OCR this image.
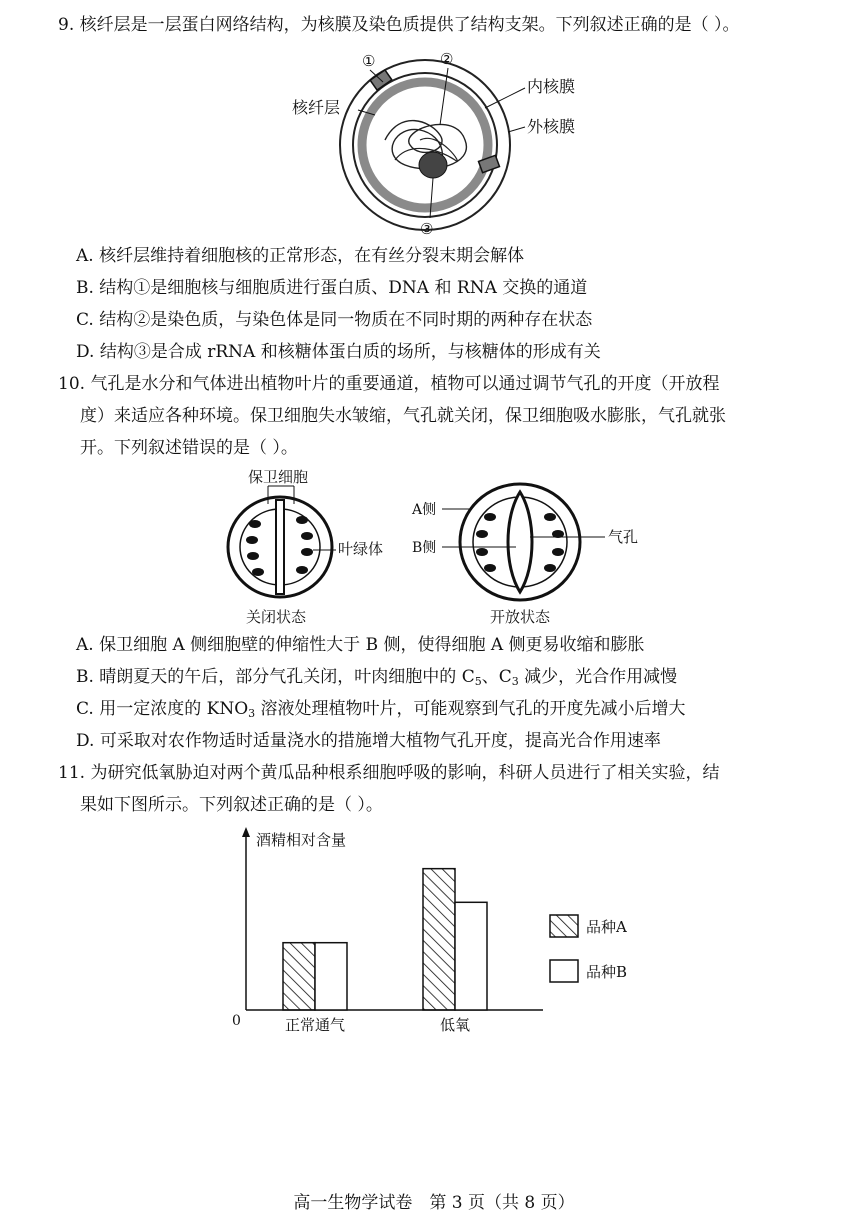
9. 核纤层是一层蛋白网络结构，为核膜及染色质提供了结构支架。下列叙述正确的是（ ）。
①	②
③
核纤层
内核膜
外核膜
A. 核纤层维持着细胞核的正常形态，在有丝分裂末期会解体
B. 结构①是细胞核与细胞质进行蛋白质、DNA 和 RNA 交换的通道
C. 结构②是染色质，与染色体是同一物质在不同时期的两种存在状态
D. 结构③是合成 rRNA 和核糖体蛋白质的场所，与核糖体的形成有关
10. 气孔是水分和气体进出植物叶片的重要通道，植物可以通过调节气孔的开度（开放程
度）来适应各种环境。保卫细胞失水皱缩，气孔就关闭，保卫细胞吸水膨胀，气孔就张
开。下列叙述错误的是（ ）。
保卫细胞
叶绿体
关闭状态
A侧
B侧
气孔
开放状态
A. 保卫细胞 A 侧细胞壁的伸缩性大于 B 侧，使得细胞 A 侧更易收缩和膨胀
B. 晴朗夏天的午后，部分气孔关闭，叶肉细胞中的 $C_5$、$C_3$ 减少，光合作用减慢
C. 用一定浓度的 $KNO_3$ 溶液处理植物叶片，可能观察到气孔的开度先减小后增大
D. 可采取对农作物适时适量浇水的措施增大植物气孔开度，提高光合作用速率
11. 为研究低氧胁迫对两个黄瓜品种根系细胞呼吸的影响，科研人员进行了相关实验，结
果如下图所示。下列叙述正确的是（ ）。
酒精相对含量
0	正常通气	低氧
品种A
品种B
高一生物学试卷　第 3 页（共 8 页）
